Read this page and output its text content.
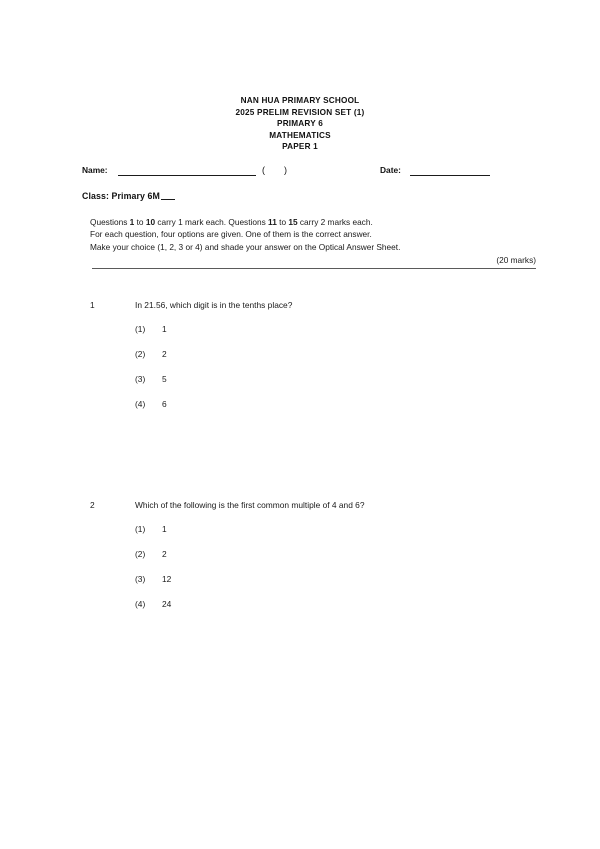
NAN HUA PRIMARY SCHOOL
2025 PRELIM REVISION SET (1)
PRIMARY 6
MATHEMATICS
PAPER 1
Name:	( )	Date:
Class: Primary 6M
Questions 1 to 10 carry 1 mark each. Questions 11 to 15 carry 2 marks each.
For each question, four options are given. One of them is the correct answer.
Make your choice (1, 2, 3 or 4) and shade your answer on the Optical Answer Sheet.
(20 marks)
1	In 21.56, which digit is in the tenths place?
(1) 1
(2) 2
(3) 5
(4) 6
2	Which of the following is the first common multiple of 4 and 6?
(1) 1
(2) 2
(3) 12
(4) 24
